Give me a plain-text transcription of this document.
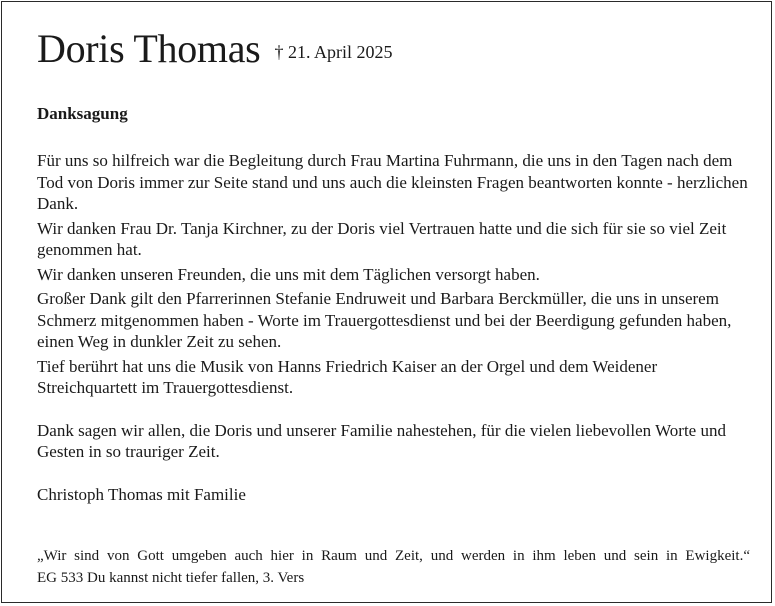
Doris Thomas † 21. April 2025
Danksagung

Für uns so hilfreich war die Begleitung durch Frau Martina Fuhrmann, die uns in den Tagen nach dem Tod von Doris immer zur Seite stand und uns auch die kleinsten Fragen beantworten konnte - herzlichen Dank.

Wir danken Frau Dr. Tanja Kirchner, zu der Doris viel Vertrauen hatte und die sich für sie so viel Zeit genommen hat.

Wir danken unseren Freunden, die uns mit dem Täglichen versorgt haben.

Großer Dank gilt den Pfarrerinnen Stefanie Endruweit und Barbara Berckmüller, die uns in unserem Schmerz mitgenommen haben - Worte im Trauergottesdienst und bei der Beerdigung gefunden haben, einen Weg in dunkler Zeit zu sehen.

Tief berührt hat uns die Musik von Hanns Friedrich Kaiser an der Orgel und dem Weidener Streichquartett im Trauergottesdienst.

Dank sagen wir allen, die Doris und unserer Familie nahestehen, für die vielen liebevollen Worte und Gesten in so trauriger Zeit.

Christoph Thomas mit Familie

„Wir sind von Gott umgeben auch hier in Raum und Zeit, und werden in ihm leben und sein in Ewigkeit.“

EG 533 Du kannst nicht tiefer fallen, 3. Vers
